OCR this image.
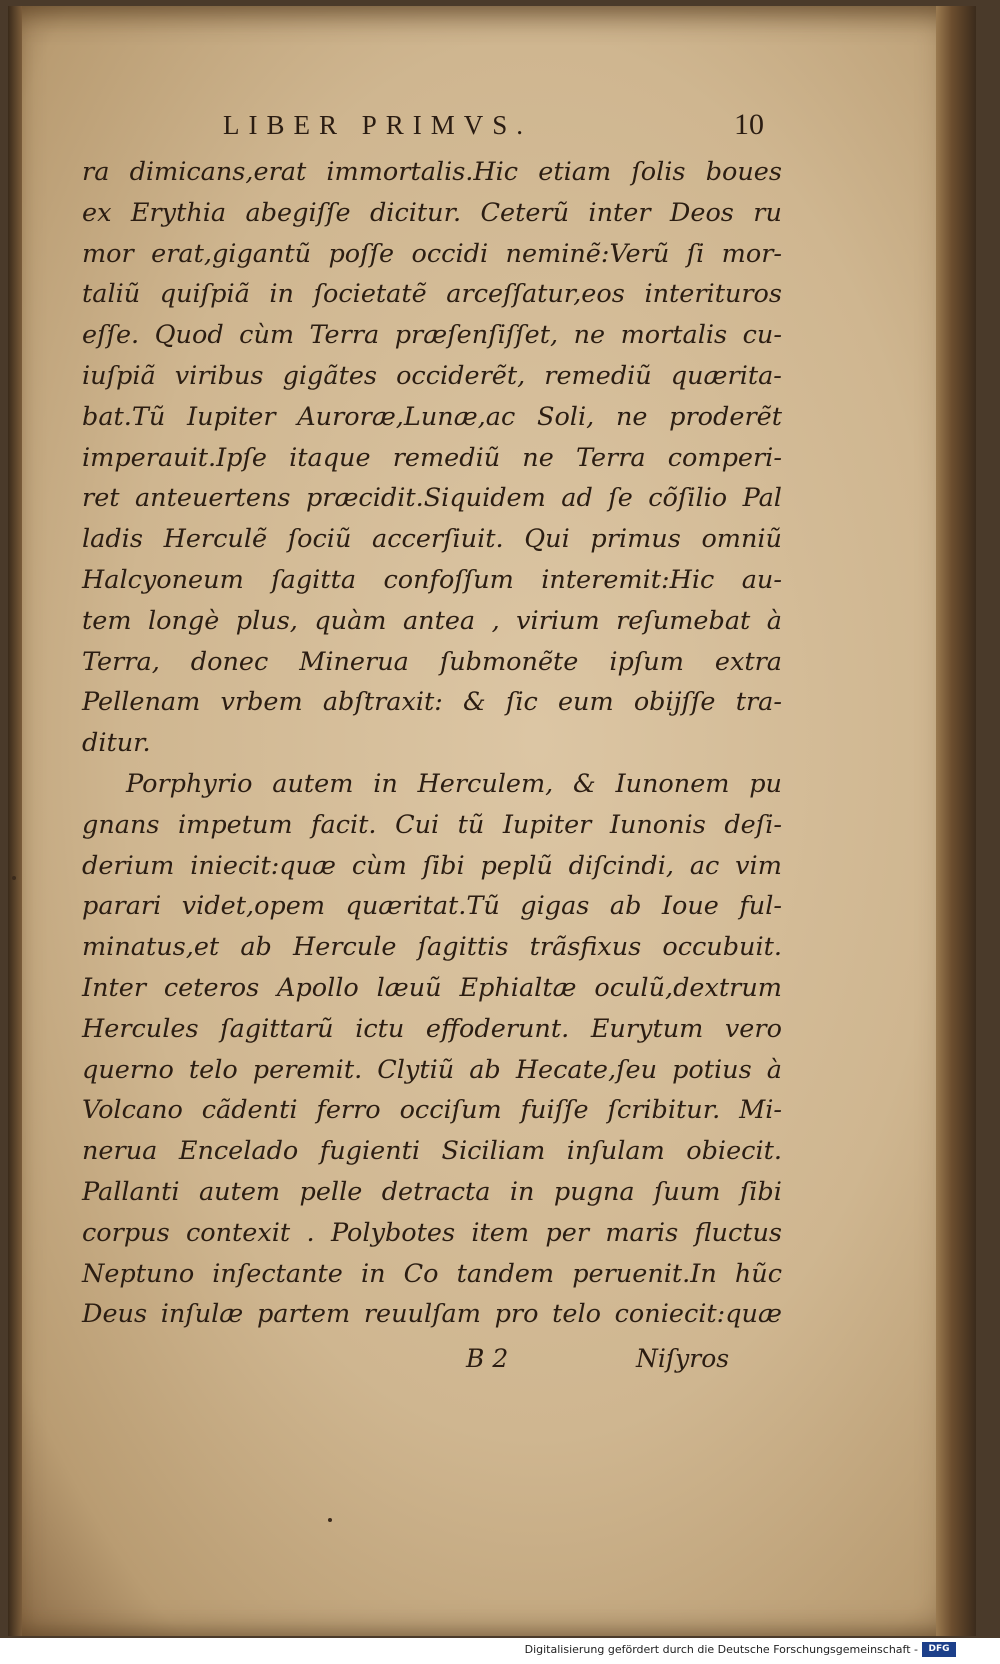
LIBER PRIMVS.	10
ra dimicans,erat immortalis.Hic etiam ſolis boues
ex Erythia abegiſſe dicitur. Ceterũ inter Deos ru
mor erat,gigantũ poſſe occidi neminẽ:Verũ ſi mor-
taliũ quiſpiã in ſocietatẽ arceſſatur,eos interituros
eſſe. Quod cùm Terra præſenſiſſet, ne mortalis cu-
iuſpiã viribus gigãtes occiderẽt, remediũ quærita-
bat.Tũ Iupiter Auroræ,Lunæ,ac Soli, ne proderẽt
imperauit.Ipſe itaque remediũ ne Terra comperi-
ret anteuertens præcidit.Siquidem ad ſe cõſilio Pal
ladis Herculẽ ſociũ accerſiuit. Qui primus omniũ
Halcyoneum ſagitta confoſſum interemit:Hic au-
tem longè plus, quàm antea , virium reſumebat à
Terra, donec Minerua ſubmonẽte ipſum extra
Pellenam vrbem abſtraxit: & ſic eum obijſſe tra-
ditur.
Porphyrio autem in Herculem, & Iunonem pu
gnans impetum facit. Cui tũ Iupiter Iunonis deſi-
derium iniecit:quæ cùm ſibi peplũ diſcindi, ac vim
parari videt,opem quæritat.Tũ gigas ab Ioue ful-
minatus,et ab Hercule ſagittis trãsfixus occubuit.
Inter ceteros Apollo læuũ Ephialtæ oculũ,dextrum
Hercules ſagittarũ ictu effoderunt. Eurytum vero
querno telo peremit. Clytiũ ab Hecate,ſeu potius à
Volcano cãdenti ferro occiſum fuiſſe ſcribitur. Mi-
nerua Encelado fugienti Siciliam inſulam obiecit.
Pallanti autem pelle detracta in pugna ſuum ſibi
corpus contexit . Polybotes item per maris fluctus
Neptuno inſectante in Co tandem peruenit.In hũc
Deus inſulæ partem reuulſam pro telo coniecit:quæ
B 2	Niſyros
Digitalisierung gefördert durch die Deutsche Forschungsgemeinschaft -	DFG
